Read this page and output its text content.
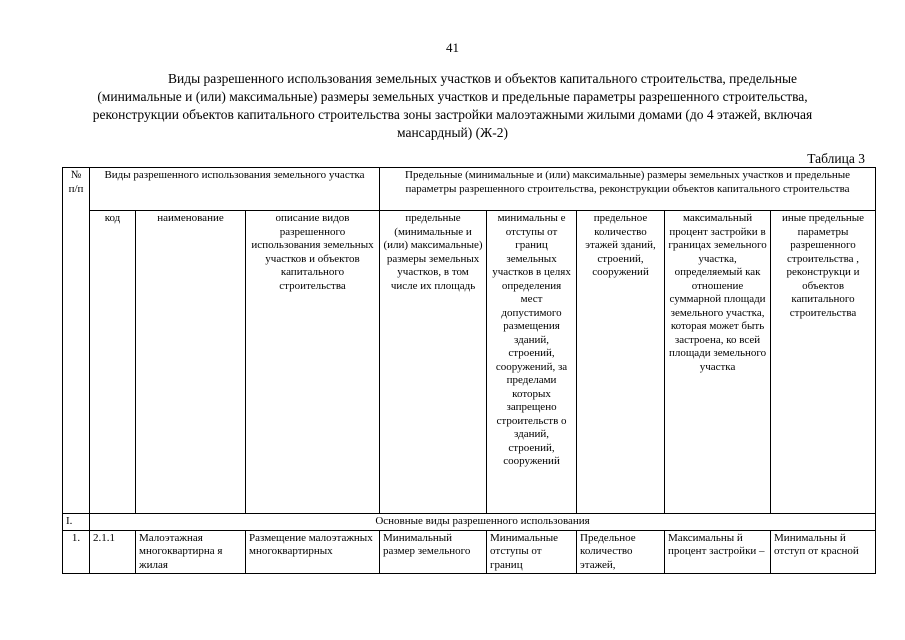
41
Виды разрешенного использования земельных участков и объектов капитального строительства, предельные
(минимальные и (или) максимальные) размеры земельных участков и предельные параметры разрешенного строительства,
реконструкции объектов капитального строительства зоны застройки малоэтажными жилыми домами (до 4 этажей, включая
мансардный) (Ж-2)
Таблица 3
№ п/п	Виды разрешенного использования земельного участка			Предельные (минимальные и (или) максимальные) размеры земельных участков и предельные параметры разрешенного строительства, реконструкции объектов капитального строительства				
	код	наименование	описание видов разрешенного использования земельных участков и объектов капитального строительства	предельные (минимальные и (или) максимальные) размеры земельных участков, в том числе их площадь	минимальны е отступы от границ земельных участков в целях определения мест допустимого размещения зданий, строений, сооружений, за пределами которых запрещено строительств о зданий, строений, сооружений	предельное количество этажей зданий, строений, сооружений	максимальный процент застройки в границах земельного участка, определяемый как отношение суммарной площади земельного участка, которая может быть застроена, ко всей площади земельного участка	иные предельные параметры разрешенного строительства , реконструкци и объектов капитального строительства
I.	Основные виды разрешенного использования							
1.	2.1.1	Малоэтажная многоквартирна я жилая	Размещение малоэтажных многоквартирных	Минимальный размер земельного	Минимальные отступы от границ	Предельное количество этажей,	Максимальны й процент застройки –	Минимальны й отступ от красной
